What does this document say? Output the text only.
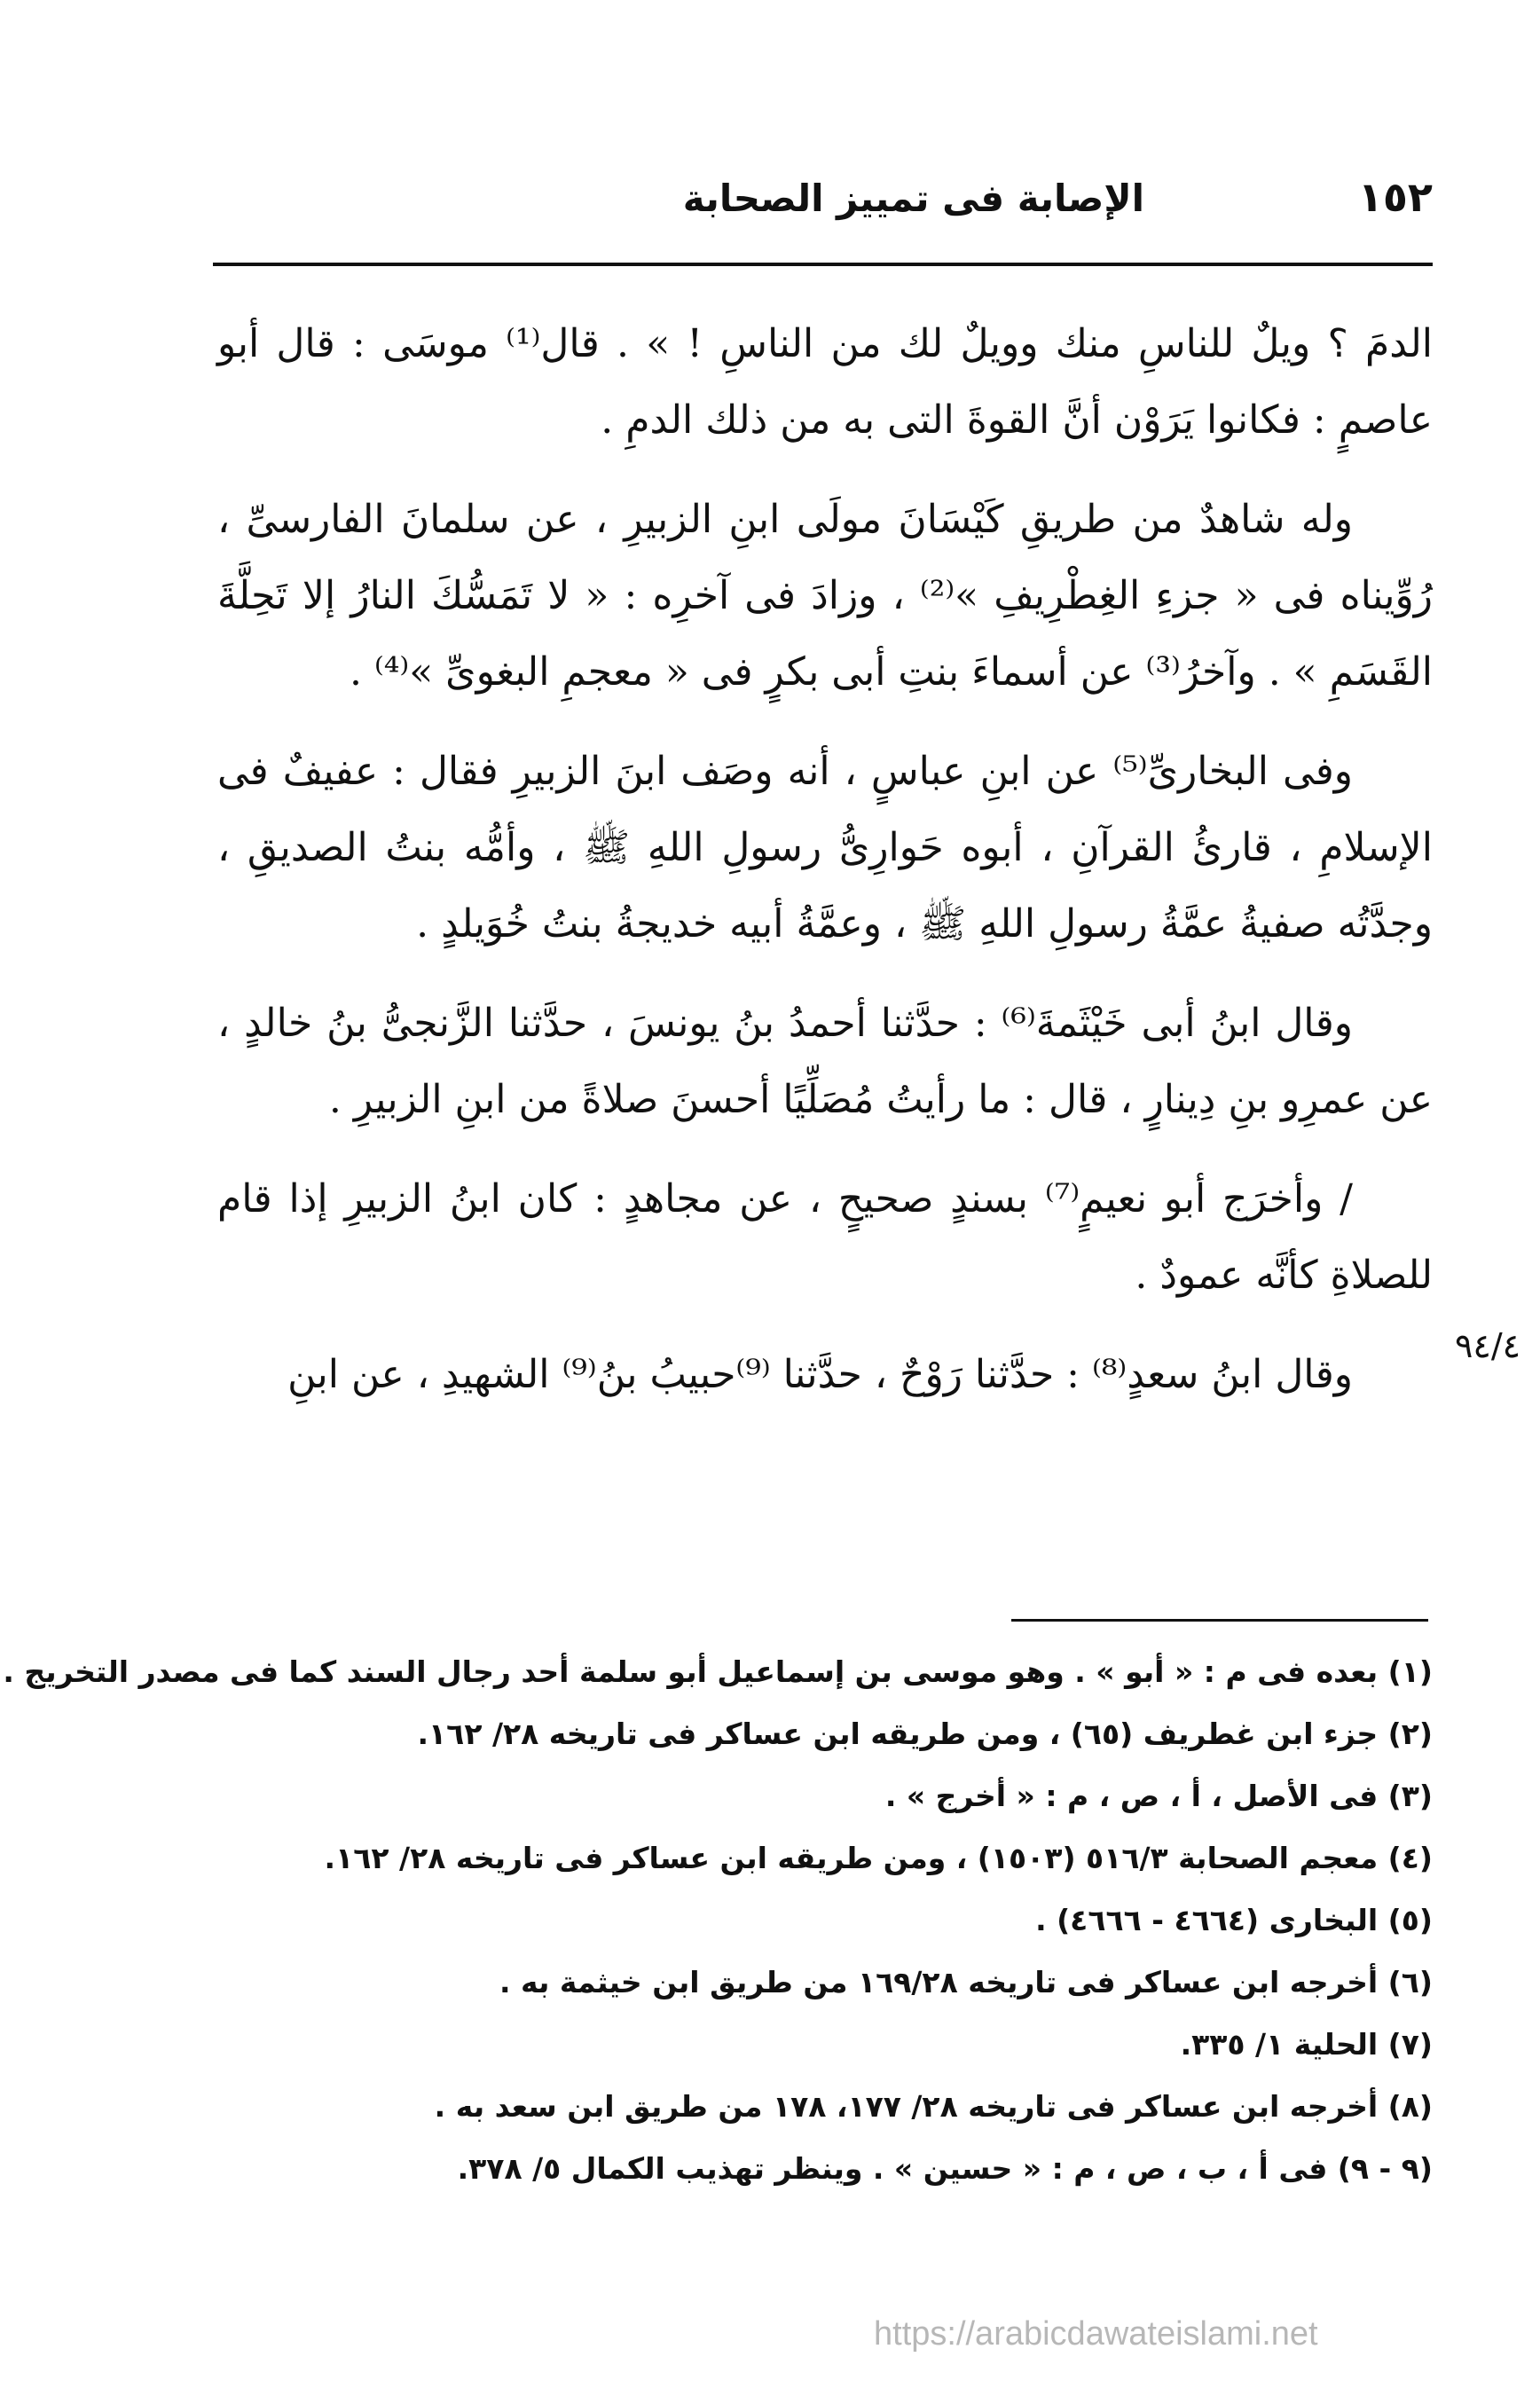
١٥٢
الإصابة فى تمييز الصحابة

الدمَ ؟ ويلٌ للناسِ منك وويلٌ لك من الناسِ ! » . قال⁽¹⁾ موسَى : قال أبو عاصمٍ : فكانوا يَرَوْن أنَّ القوةَ التى به من ذلك الدمِ .

وله شاهدٌ من طريقِ كَيْسَانَ مولَى ابنِ الزبيرِ ، عن سلمانَ الفارسىِّ ، رُوِّيناه فى « جزءِ الغِطْرِيفِ »⁽²⁾ ، وزادَ فى آخرِه : « لا تَمَسُّكَ النارُ إلا تَحِلَّةَ القَسَمِ » . وآخرُ⁽³⁾ عن أسماءَ بنتِ أبى بكرٍ فى « معجمِ البغوىِّ »⁽⁴⁾ .

وفى البخارىِّ⁽⁵⁾ عن ابنِ عباسٍ ، أنه وصَف ابنَ الزبيرِ فقال : عفيفٌ فى الإسلامِ ، قارئُ القرآنِ ، أبوه حَوارِىُّ رسولِ اللهِ ﷺ ، وأمُّه بنتُ الصديقِ ، وجدَّتُه صفيةُ عمَّةُ رسولِ اللهِ ﷺ ، وعمَّةُ أبيه خديجةُ بنتُ خُوَيلدٍ .

وقال ابنُ أبى خَيْثَمةَ⁽⁶⁾ : حدَّثنا أحمدُ بنُ يونسَ ، حدَّثنا الزَّنجىُّ بنُ خالدٍ ، عن عمرِو بنِ دِينارٍ ، قال : ما رأيتُ مُصَلِّيًا أحسنَ صلاةً من ابنِ الزبيرِ .

/ وأخرَج أبو نعيمٍ⁽⁷⁾ بسندٍ صحيحٍ ، عن مجاهدٍ : كان ابنُ الزبيرِ إذا قام للصلاةِ كأنَّه عمودٌ .

وقال ابنُ سعدٍ⁽⁸⁾ : حدَّثنا رَوْحٌ ، حدَّثنا ⁽⁹⁾حبيبُ بنُ⁽⁹⁾ الشهيدِ ، عن ابنِ

٩٤/٤

(١) بعده فى م : « أبو » . وهو موسى بن إسماعيل أبو سلمة أحد رجال السند كما فى مصدر التخريج .

(٢) جزء ابن غطريف (٦٥) ، ومن طريقه ابن عساكر فى تاريخه ٢٨/ ١٦٢.

(٣) فى الأصل ، أ ، ص ، م : « أخرج » .

(٤) معجم الصحابة ٥١٦/٣ (١٥٠٣) ، ومن طريقه ابن عساكر فى تاريخه ٢٨/ ١٦٢.

(٥) البخارى (٤٦٦٤ - ٤٦٦٦) .

(٦) أخرجه ابن عساكر فى تاريخه ١٦٩/٢٨ من طريق ابن خيثمة به .

(٧) الحلية ١/ ٣٣٥.

(٨) أخرجه ابن عساكر فى تاريخه ٢٨/ ١٧٧، ١٧٨ من طريق ابن سعد به .

(٩ - ٩) فى أ ، ب ، ص ، م : « حسين » . وينظر تهذيب الكمال ٥/ ٣٧٨.

https://arabicdawateislami.net
